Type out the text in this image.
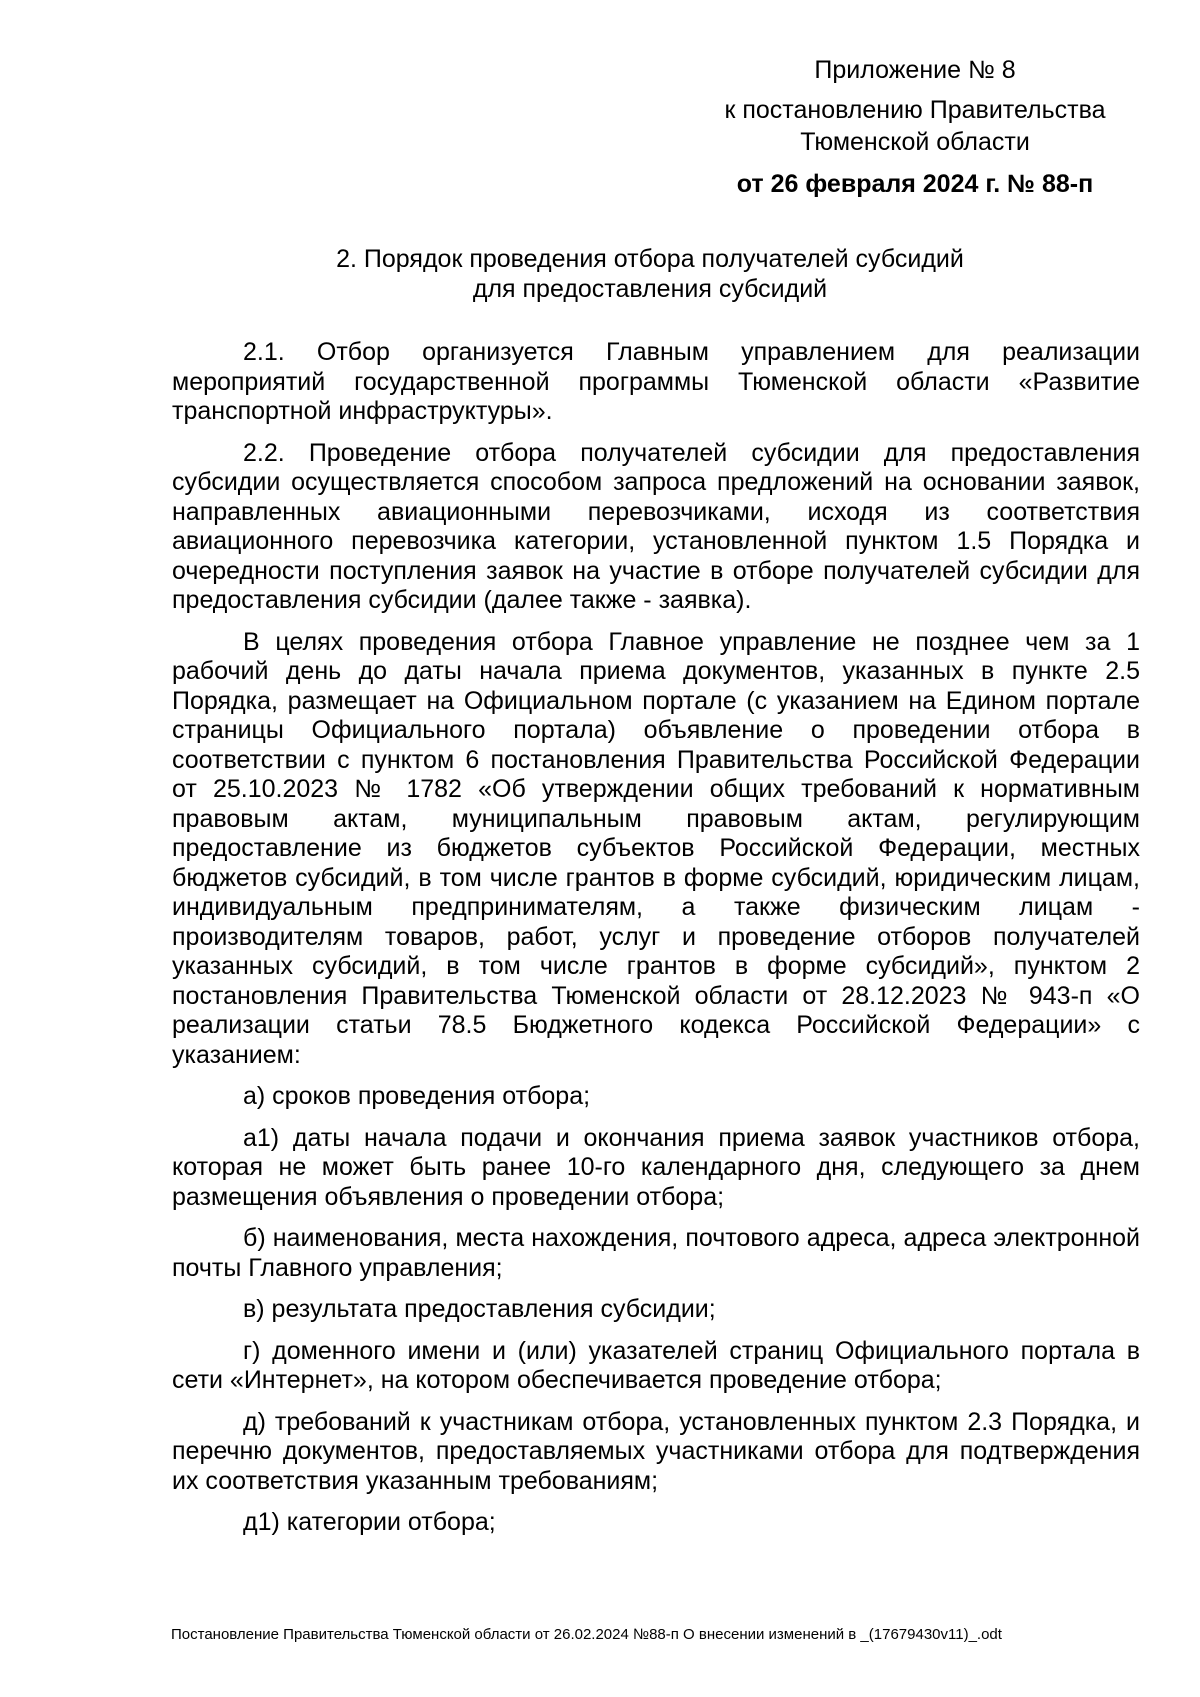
Приложение № 8

к постановлению Правительства

Тюменской области

от 26 февраля 2024 г. № 88-п

2. Порядок проведения отбора получателей субсидий

для предоставления субсидий

2.1. Отбор организуется Главным управлением для реализации мероприятий государственной программы Тюменской области «Развитие транспортной инфраструктуры».

2.2. Проведение отбора получателей субсидии для предоставления субсидии осуществляется способом запроса предложений на основании заявок, направленных авиационными перевозчиками, исходя из соответствия авиационного перевозчика категории, установленной пунктом 1.5 Порядка и очередности поступления заявок на участие в отборе получателей субсидии для предоставления субсидии (далее также - заявка).

В целях проведения отбора Главное управление не позднее чем за 1 рабочий день до даты начала приема документов, указанных в пункте 2.5 Порядка, размещает на Официальном портале (с указанием на Едином портале страницы Официального портала) объявление о проведении отбора в соответствии с пунктом 6 постановления Правительства Российской Федерации от 25.10.2023 № 1782 «Об утверждении общих требований к нормативным правовым актам, муниципальным правовым актам, регулирующим предоставление из бюджетов субъектов Российской Федерации, местных бюджетов субсидий, в том числе грантов в форме субсидий, юридическим лицам, индивидуальным предпринимателям, а также физическим лицам - производителям товаров, работ, услуг и проведение отборов получателей указанных субсидий, в том числе грантов в форме субсидий», пунктом 2 постановления Правительства Тюменской области от 28.12.2023 № 943-п «О реализации статьи 78.5 Бюджетного кодекса Российской Федерации» с указанием:

а) сроков проведения отбора;

а1) даты начала подачи и окончания приема заявок участников отбора, которая не может быть ранее 10-го календарного дня, следующего за днем размещения объявления о проведении отбора;

б) наименования, места нахождения, почтового адреса, адреса электронной почты Главного управления;

в) результата предоставления субсидии;

г) доменного имени и (или) указателей страниц Официального портала в сети «Интернет», на котором обеспечивается проведение отбора;

д) требований к участникам отбора, установленных пунктом 2.3 Порядка, и перечню документов, предоставляемых участниками отбора для подтверждения их соответствия указанным требованиям;

д1) категории отбора;

Постановление Правительства Тюменской области от 26.02.2024 №88-п О внесении изменений в _(17679430v11)_.odt
